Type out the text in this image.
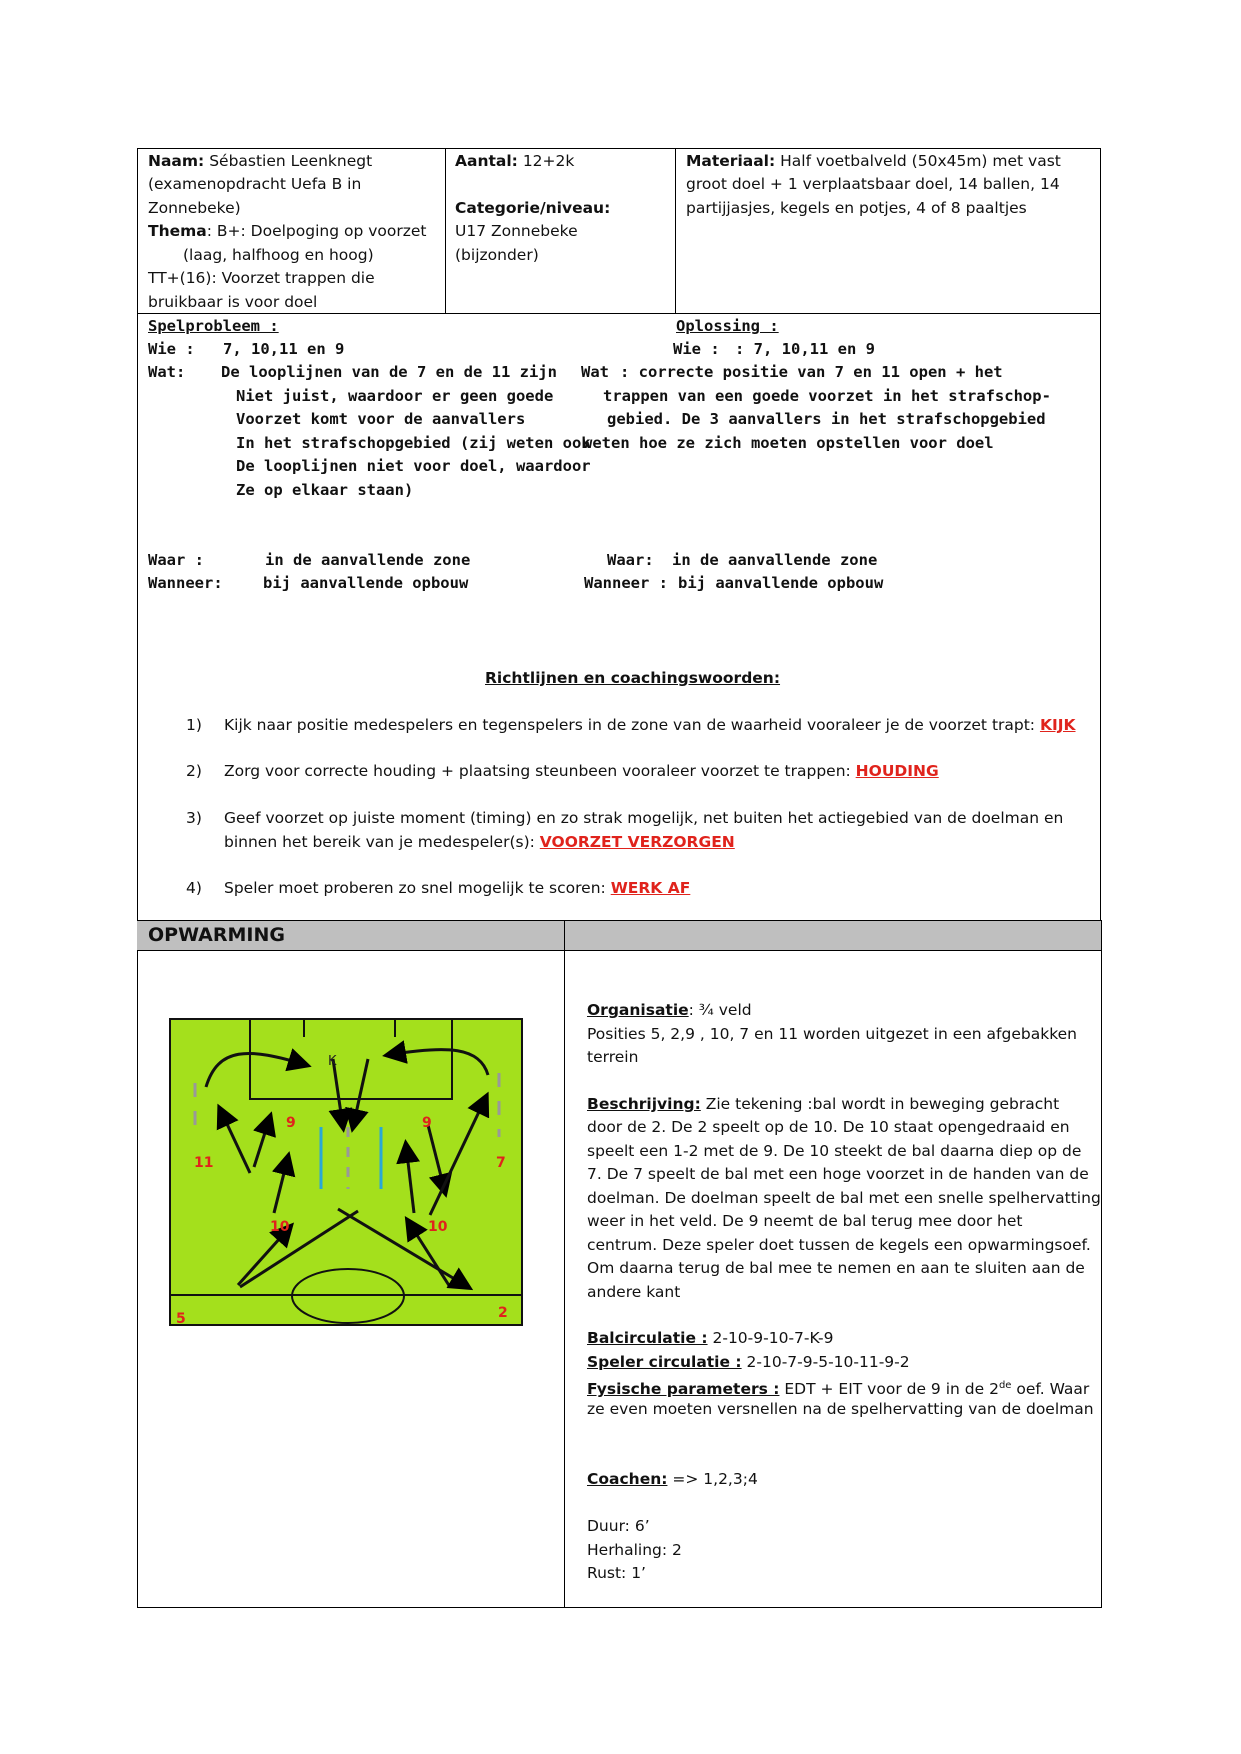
Naam: Sébastien Leenknegt
(examenopdracht Uefa B in
Zonnebeke)
Thema: B+: Doelpoging op voorzet
(laag, halfhoog en hoog)
TT+(16): Voorzet trappen die
bruikbaar is voor doel
Aantal: 12+2k
Categorie/niveau:
U17 Zonnebeke
(bijzonder)
Materiaal: Half voetbalveld (50x45m) met vast
groot doel + 1 verplaatsbaar doel, 14 ballen, 14
partijjasjes, kegels en potjes, 4 of 8 paaltjes
Spelprobleem :
Wie : 7, 10,11 en 9
Wat: De looplijnen van de 7 en de 11 zijn
Niet juist, waardoor er geen goede
Voorzet komt voor de aanvallers
In het strafschopgebied (zij weten ook
De looplijnen niet voor doel, waardoor
Ze op elkaar staan)
Waar :	in de aanvallende zone
Wanneer:	bij aanvallende opbouw
Oplossing :
Wie : : 7, 10,11 en 9
Wat : correcte positie van 7 en 11 open + het
trappen van een goede voorzet in het strafschop-
gebied. De 3 aanvallers in het strafschopgebied
weten hoe ze zich moeten opstellen voor doel
Waar: in de aanvallende zone
Wanneer : bij aanvallende opbouw
Richtlijnen en coachingswoorden:
1) Kijk naar positie medespelers en tegenspelers in de zone van de waarheid vooraleer je de voorzet trapt: KIJK
2) Zorg voor correcte houding + plaatsing steunbeen vooraleer voorzet te trappen: HOUDING
3) Geef voorzet op juiste moment (timing) en zo strak mogelijk, net buiten het actiegebied van de doelman en
binnen het bereik van je medespeler(s): VOORZET VERZORGEN
4) Speler moet proberen zo snel mogelijk te scoren: WERK AF
OPWARMING
K
9	9
11	7
10	10
5	2
Organisatie: ¾ veld
Posities 5, 2,9 , 10, 7 en 11 worden uitgezet in een afgebakken
terrein
Beschrijving: Zie tekening :bal wordt in beweging gebracht
door de 2. De 2 speelt op de 10. De 10 staat opengedraaid en
speelt een 1-2 met de 9. De 10 steekt de bal daarna diep op de
7. De 7 speelt de bal met een hoge voorzet in de handen van de
doelman. De doelman speelt de bal met een snelle spelhervatting
weer in het veld. De 9 neemt de bal terug mee door het
centrum. Deze speler doet tussen de kegels een opwarmingsoef.
Om daarna terug de bal mee te nemen en aan te sluiten aan de
andere kant
Balcirculatie : 2-10-9-10-7-K-9
Speler circulatie : 2-10-7-9-5-10-11-9-2
Fysische parameters : EDT + EIT voor de 9 in de 2de oef. Waar
ze even moeten versnellen na de spelhervatting van de doelman
Coachen: => 1,2,3;4
Duur: 6’
Herhaling: 2
Rust: 1’
